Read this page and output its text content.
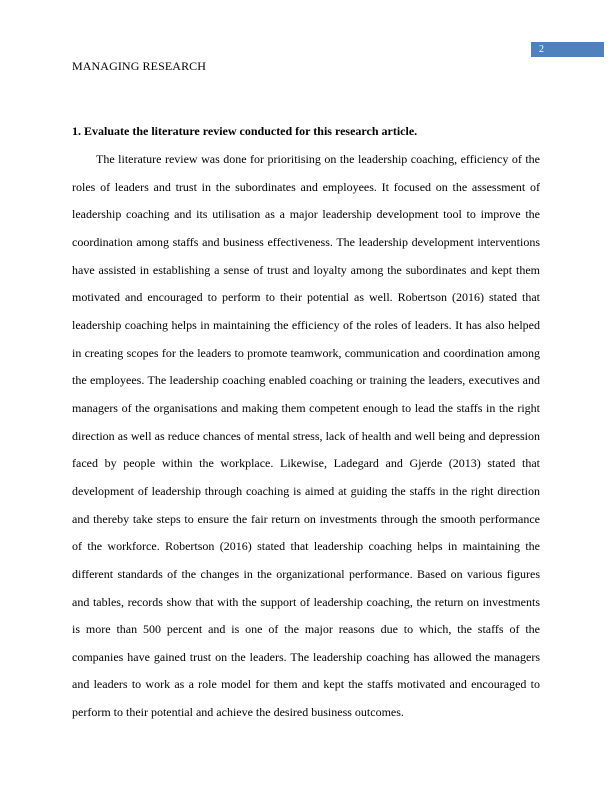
2
MANAGING RESEARCH

1. Evaluate the literature review conducted for this research article.

The literature review was done for prioritising on the leadership coaching, efficiency of the roles of leaders and trust in the subordinates and employees. It focused on the assessment of leadership coaching and its utilisation as a major leadership development tool to improve the coordination among staffs and business effectiveness. The leadership development interventions have assisted in establishing a sense of trust and loyalty among the subordinates and kept them motivated and encouraged to perform to their potential as well. Robertson (2016) stated that leadership coaching helps in maintaining the efficiency of the roles of leaders. It has also helped in creating scopes for the leaders to promote teamwork, communication and coordination among the employees. The leadership coaching enabled coaching or training the leaders, executives and managers of the organisations and making them competent enough to lead the staffs in the right direction as well as reduce chances of mental stress, lack of health and well being and depression faced by people within the workplace. Likewise, Ladegard and Gjerde (2013) stated that development of leadership through coaching is aimed at guiding the staffs in the right direction and thereby take steps to ensure the fair return on investments through the smooth performance of the workforce. Robertson (2016) stated that leadership coaching helps in maintaining the different standards of the changes in the organizational performance. Based on various figures and tables, records show that with the support of leadership coaching, the return on investments is more than 500 percent and is one of the major reasons due to which, the staffs of the companies have gained trust on the leaders. The leadership coaching has allowed the managers and leaders to work as a role model for them and kept the staffs motivated and encouraged to perform to their potential and achieve the desired business outcomes.
